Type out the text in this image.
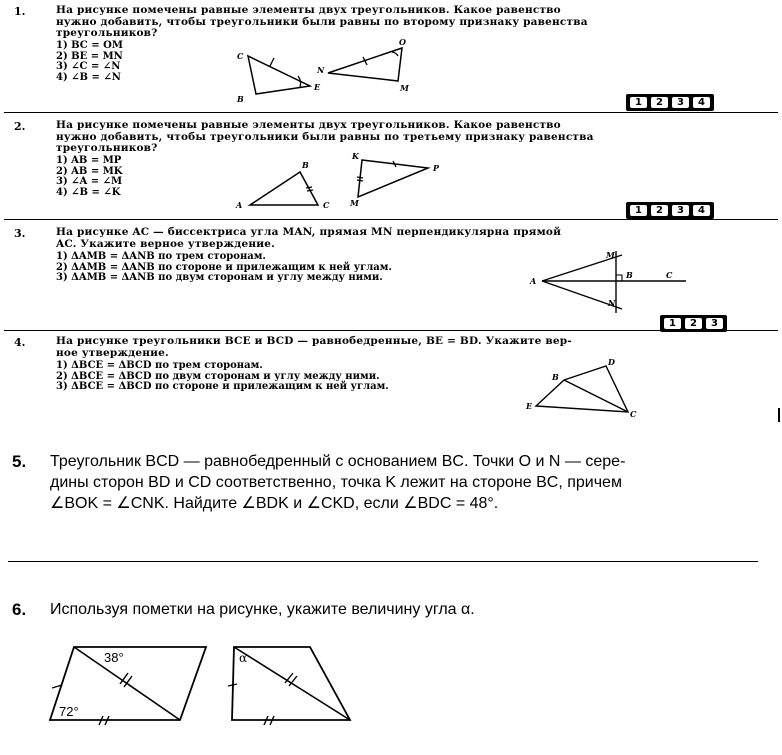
1.	На рисунке помечены равные элементы двух треугольников. Какое равенство
нужно добавить, чтобы треугольники были равны по второму признаку равенства
треугольников?
1) BC = OM
2) BE = MN
3) ∠C = ∠N
4) ∠B = ∠N
C
B
E
N
O
M
1	2	3	4
2.	На рисунке помечены равные элементы двух треугольников. Какое равенство
нужно добавить, чтобы треугольники были равны по третьему признаку равенства
треугольников?
1) AB = MP
2) AB = MK
3) ∠A = ∠M
4) ∠B = ∠K
B
A	C
K
P
M
1	2	3	4
3.	На рисунке AC — биссектриса угла MAN, прямая MN перпендикулярна прямой
AC. Укажите верное утверждение.
1) ΔAMB = ΔANB по трем сторонам.
2) ΔAMB = ΔANB по стороне и прилежащим к ней углам.
3) ΔAMB = ΔANB по двум сторонам и углу между ними.
M
A
B	C
N
1	2	3
4.	На рисунке треугольники BCE и BCD — равнобедренные, BE = BD. Укажите вер-
ное утверждение.
1) ΔBCE = ΔBCD по трем сторонам.
2) ΔBCE = ΔBCD по двум сторонам и углу между ними.
3) ΔBCE = ΔBCD по стороне и прилежащим к ней углам.
D
B
E
C
5. Треугольник BCD — равнобедренный с основанием BC. Точки O и N — сере-
дины сторон BD и CD соответственно, точка K лежит на стороне BC, причем
∠BOK = ∠CNK. Найдите ∠BDK и ∠CKD, если ∠BDC = 48°.
6. Используя пометки на рисунке, укажите величину угла α.
38°
72°
α
